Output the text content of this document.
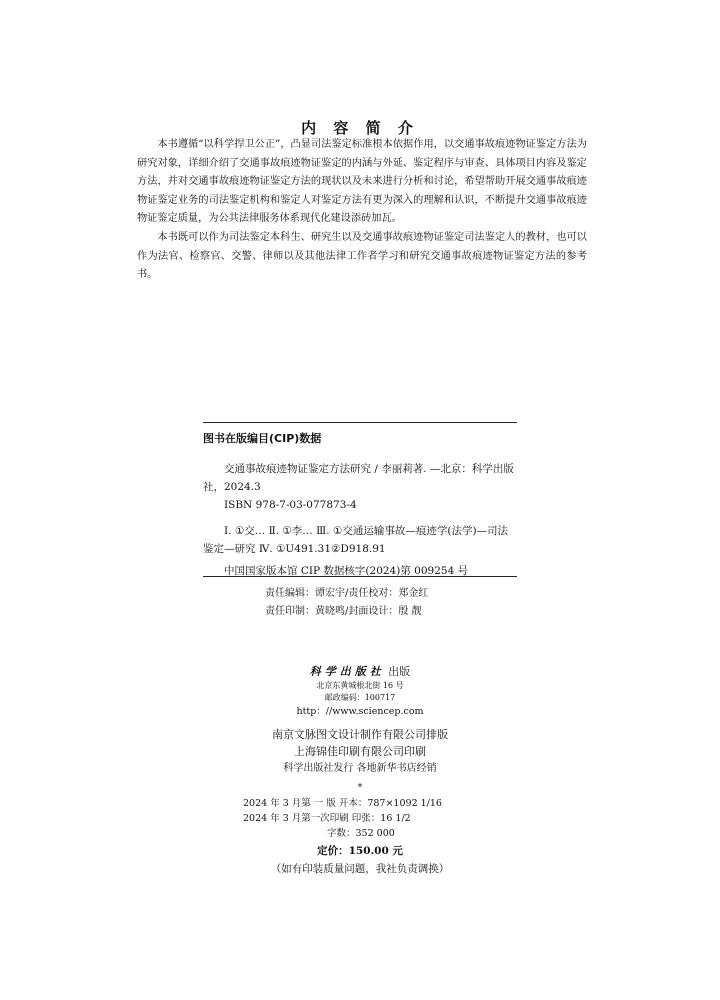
内 容 简 介

本书遵循“以科学捍卫公正”，凸显司法鉴定标准根本依据作用，以交通事故痕迹物证鉴定方法为研究对象，详细介绍了交通事故痕迹物证鉴定的内涵与外延、鉴定程序与审查、具体项目内容及鉴定方法，并对交通事故痕迹物证鉴定方法的现状以及未来进行分析和讨论，希望帮助开展交通事故痕迹物证鉴定业务的司法鉴定机构和鉴定人对鉴定方法有更为深入的理解和认识，不断提升交通事故痕迹物证鉴定质量，为公共法律服务体系现代化建设添砖加瓦。

本书既可以作为司法鉴定本科生、研究生以及交通事故痕迹物证鉴定司法鉴定人的教材，也可以作为法官、检察官、交警、律师以及其他法律工作者学习和研究交通事故痕迹物证鉴定方法的参考书。

图书在版编目(CIP)数据
交通事故痕迹物证鉴定方法研究 / 李丽莉著. —北京：科学出版社，2024.3
ISBN 978-7-03-077873-4
Ⅰ. ①交… Ⅱ. ①李… Ⅲ. ①交通运输事故—痕迹学(法学)—司法鉴定—研究 Ⅳ. ①U491.31②D918.91
中国国家版本馆 CIP 数据核字(2024)第 009254 号
责任编辑：谭宏宇/责任校对：郑金红
责任印制：黄晓鸣/封面设计：殷 靓
科学出版社 出版
北京东黄城根北街 16 号
邮政编码：100717
http：//www.sciencep.com
南京文脉图文设计制作有限公司排版
上海锦佳印刷有限公司印刷
科学出版社发行 各地新华书店经销
*
2024 年 3 月第 一 版 开本：787×1092 1/16
2024 年 3 月第一次印刷 印张：16 1/2
字数：352 000
定价：150.00 元
（如有印装质量问题，我社负责调换）
